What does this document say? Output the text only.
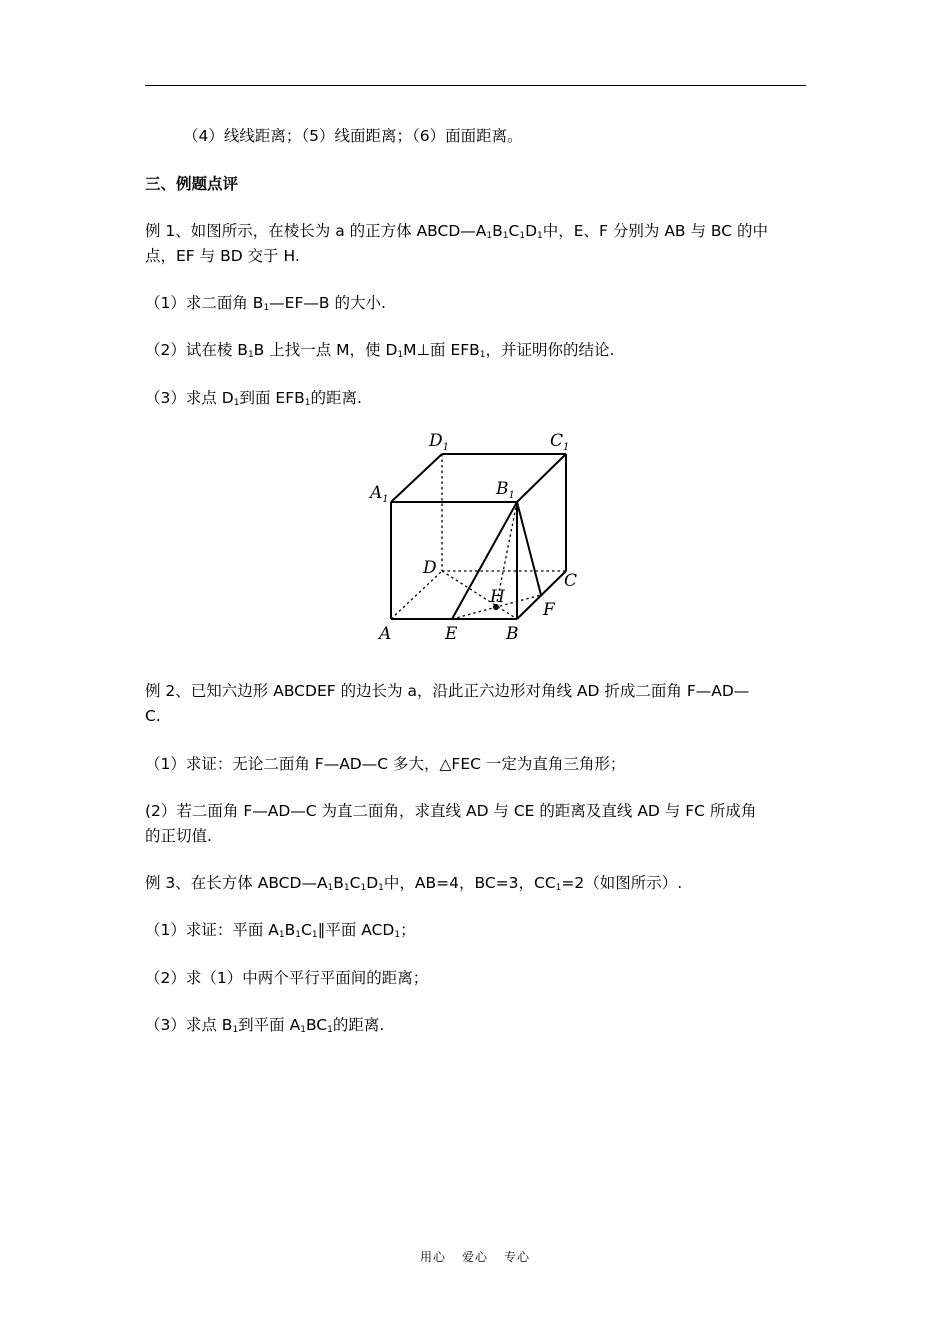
（4）线线距离；（5）线面距离；（6）面面距离。
三、例题点评
例 1、如图所示，在棱长为 a 的正方体 $ABCD—A_1B_1C_1D_1$中，E、F 分别为 AB 与 BC 的中
点，EF 与 BD 交于 H.
（1）求二面角 $B_1—EF—B$ 的大小.
（2）试在棱 $B_1B$ 上找一点 M，使 $D_1M\perp$面 $EFB_1$，并证明你的结论.
（3）求点 $D_1$到面 $EFB_1$的距离.
$D_1$	$C_1$
$A_1$
$B_1$
D
C
H
F
A	E	B
例 2、已知六边形 ABCDEF 的边长为 a，沿此正六边形对角线 AD 折成二面角 F—AD—
C.
（1）求证：无论二面角 F—AD—C 多大，△FEC 一定为直角三角形；
(2）若二面角 F—AD—C 为直二面角，求直线 AD 与 CE 的距离及直线 AD 与 FC 所成角
的正切值.
例 3、在长方体 $ABCD—A_1B_1C_1D_1$中，AB=4，BC=3，$CC_1=2$（如图所示）.
（1）求证：平面 $A_1B_1C_1\parallel$平面 $ACD_1$；
（2）求（1）中两个平行平面间的距离；
（3）求点 $B_1$到平面 $A_1BC_1$的距离.
用心 爱心 专心
